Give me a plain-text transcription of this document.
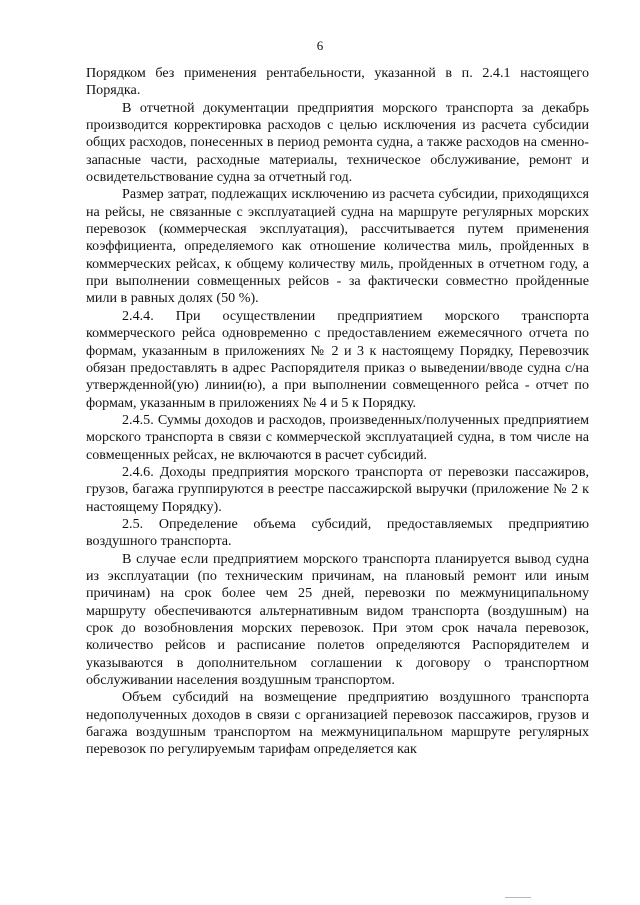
6

Порядком без применения рентабельности, указанной в п. 2.4.1 настоящего Порядка.

В отчетной документации предприятия морского транспорта за декабрь производится корректировка расходов с целью исключения из расчета субсидии общих расходов, понесенных в период ремонта судна, а также расходов на сменно-запасные части, расходные материалы, техническое обслуживание, ремонт и освидетельствование судна за отчетный год.

Размер затрат, подлежащих исключению из расчета субсидии, приходящихся на рейсы, не связанные с эксплуатацией судна на маршруте регулярных морских перевозок (коммерческая эксплуатация), рассчитывается путем применения коэффициента, определяемого как отношение количества миль, пройденных в коммерческих рейсах, к общему количеству миль, пройденных в отчетном году, а при выполнении совмещенных рейсов - за фактически совместно пройденные мили в равных долях (50 %).

2.4.4. При осуществлении предприятием морского транспорта коммерческого рейса одновременно с предоставлением ежемесячного отчета по формам, указанным в приложениях № 2 и 3 к настоящему Порядку, Перевозчик обязан предоставлять в адрес Распорядителя приказ о выведении/вводе судна с/на утвержденной(ую) линии(ю), а при выполнении совмещенного рейса - отчет по формам, указанным в приложениях № 4 и 5 к Порядку.

2.4.5. Суммы доходов и расходов, произведенных/полученных предприятием морского транспорта в связи с коммерческой эксплуатацией судна, в том числе на совмещенных рейсах, не включаются в расчет субсидий.

2.4.6. Доходы предприятия морского транспорта от перевозки пассажиров, грузов, багажа группируются в реестре пассажирской выручки (приложение № 2 к настоящему Порядку).

2.5. Определение объема субсидий, предоставляемых предприятию воздушного транспорта.

В случае если предприятием морского транспорта планируется вывод судна из эксплуатации (по техническим причинам, на плановый ремонт или иным причинам) на срок более чем 25 дней, перевозки по межмуниципальному маршруту обеспечиваются альтернативным видом транспорта (воздушным) на срок до возобновления морских перевозок. При этом срок начала перевозок, количество рейсов и расписание полетов определяются Распорядителем и указываются в дополнительном соглашении к договору о транспортном обслуживании населения воздушным транспортом.

Объем субсидий на возмещение предприятию воздушного транспорта недополученных доходов в связи с организацией перевозок пассажиров, грузов и багажа воздушным транспортом на межмуниципальном маршруте регулярных перевозок по регулируемым тарифам определяется как
